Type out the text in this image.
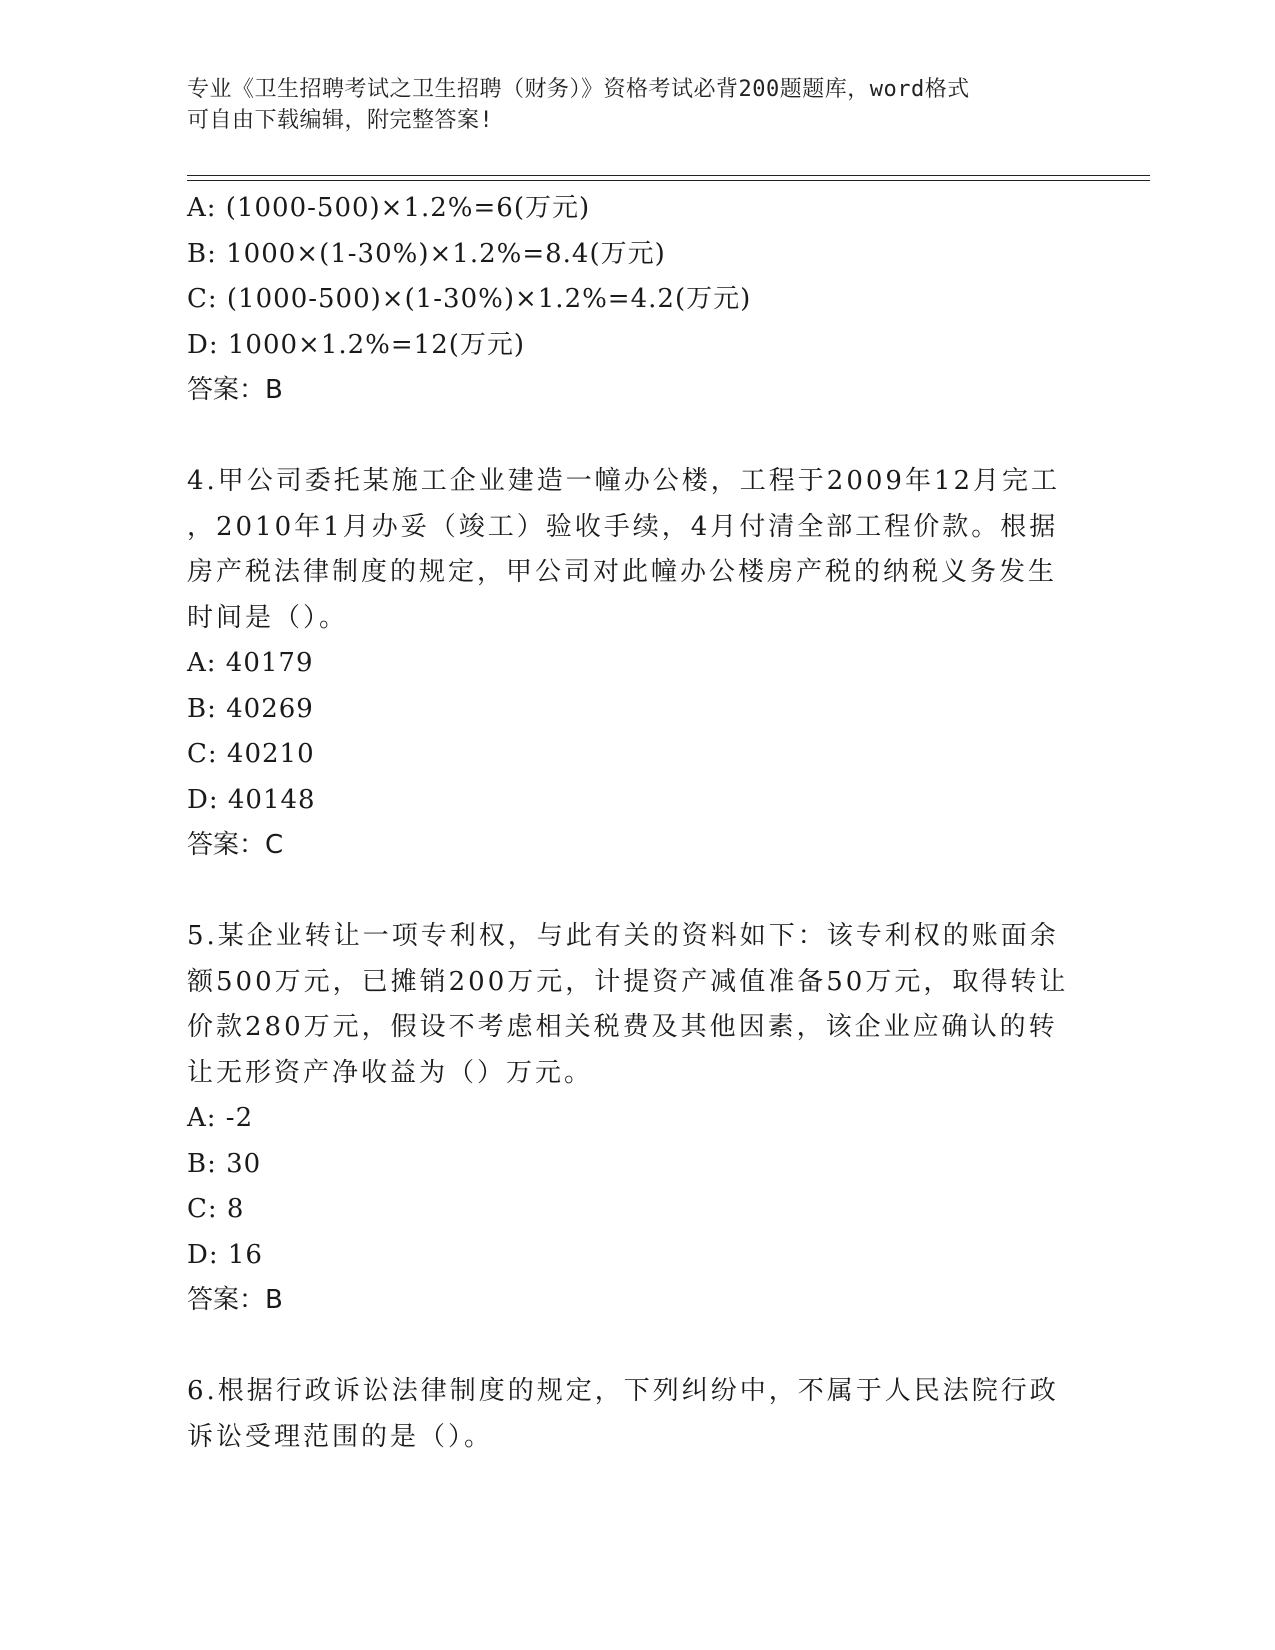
专业《卫生招聘考试之卫生招聘（财务）》资格考试必背200题题库，word格式
可自由下载编辑，附完整答案!
A: (1000-500)×1.2%=6(万元)
B: 1000×(1-30%)×1.2%=8.4(万元)
C: (1000-500)×(1-30%)×1.2%=4.2(万元)
D: 1000×1.2%=12(万元)
答案：B
4.甲公司委托某施工企业建造一幢办公楼，工程于2009年12月完工
，2010年1月办妥（竣工）验收手续，4月付清全部工程价款。根据
房产税法律制度的规定，甲公司对此幢办公楼房产税的纳税义务发生
时间是（）。
A: 40179
B: 40269
C: 40210
D: 40148
答案：C
5.某企业转让一项专利权，与此有关的资料如下：该专利权的账面余
额500万元，已摊销200万元，计提资产减值准备50万元，取得转让
价款280万元，假设不考虑相关税费及其他因素，该企业应确认的转
让无形资产净收益为（）万元。
A: -2
B: 30
C: 8
D: 16
答案：B
6.根据行政诉讼法律制度的规定，下列纠纷中，不属于人民法院行政
诉讼受理范围的是（）。
